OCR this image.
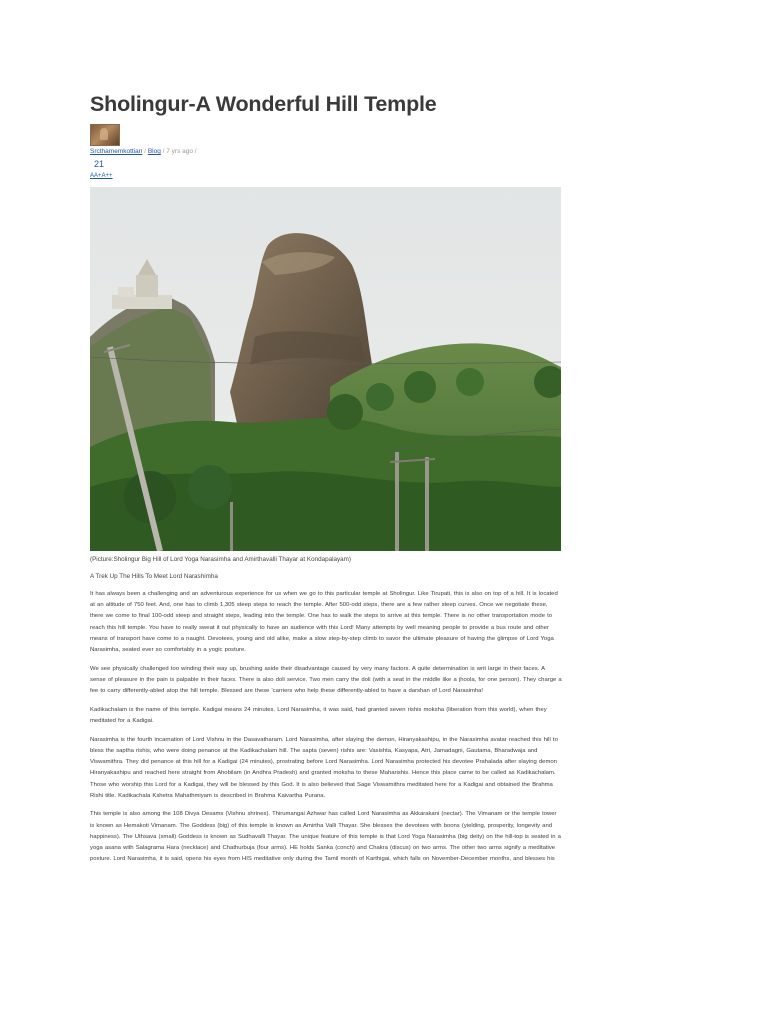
Sholingur-A Wonderful Hill Temple
Srcthamemkottian / Blog / 7 yrs ago /
21
AA+A++
(Picture:Sholingur Big Hill of Lord Yoga Narasimha and Amirthavalli Thayar at Kondapalayam)
A Trek Up The Hills To Meet Lord Narashimha

It has always been a challenging and an adventurous experience for us when we go to this particular temple at Sholingur. Like Tirupati, this is also on top of a hill. It is located at an altitude of 750 feet. And, one has to climb 1,305 steep steps to reach the temple. After 500-odd steps, there are a few rather steep curves. Once we negotiate these, there we come to final 100-odd steep and straight steps, leading into the temple. One has to walk the steps to arrive at this temple. There is no other transportation mode to reach this hill temple. You have to really sweat it out physically to have an audience with this Lord! Many attempts by well meaning people to provide a bus route and other means of transport have come to a naught. Devotees, young and old alike, make a slow step-by-step climb to savor the ultimate pleasure of having the glimpse of Lord Yoga Narasimha, seated ever so comfortably in a yogic posture.

We see physically challenged too winding their way up, brushing aside their disadvantage caused by very many factors. A quite determination is writ large in their faces. A sense of pleasure in the pain is palpable in their faces. There is also doli service. Two men carry the doli (with a seat in the middle like a jhoola, for one person). They charge a fee to carry differently-abled atop the hill temple. Blessed are these 'carriers who help these differently-abled to have a darshan of Lord Narasimha!

Kadikachalam is the name of this temple. Kadigai means 24 minutes. Lord Narasimha, it was said, had granted seven rishis moksha (liberation from this world), when they meditated for a Kadigai.

Narasimha is the fourth incarnation of Lord Vishnu in the Dasavatharam. Lord Narasimha, after slaying the demon, Hiranyakashipu, in the Narasimha avatar reached this hill to bless the saptha rishis, who were doing penance at the Kadikachalam hill. The sapta (seven) rishis are: Vasishta, Kasyapa, Atri, Jamadagni, Gautama, Bharadwaja and Viswamithra. They did penance at this hill for a Kadigai (24 minutes), prostrating before Lord Narasimha. Lord Narasimha protected his devotee Prahalada after slaying demon Hiranyakashipu and reached here straight from Ahobilam (in Andhra Pradesh) and granted moksha to these Maharishis. Hence this place came to be called as Kadikachalam. Those who worship this Lord for a Kadigai, they will be blessed by this God. It is also believed that Sage Viswamithra meditated here for a Kadigai and obtained the Brahma Rishi title. Kadikachala Kshetra Mahathmiyam is described in Brahma Kaivartha Purana.

This temple is also among the 108 Divya Desams (Vishnu shrines). Thirumangai Azhwar has called Lord Narasimha as Akkarakani (nectar). The Vimanam or the temple tower is known as Hemakoti Vimanam. The Goddess (big) of this temple is known as Amirtha Valli Thayar. She blesses the devotees with boons (yielding, prosperity, longevity and happiness). The Uthsava (small) Goddess is known as Sudhavalli Thayar. The unique feature of this temple is that Lord Yoga Narasimha (big deity) on the hill-top is seated in a yoga asana with Salagrama Hara (necklace) and Chathurbuja (four arms). HE holds Sanka (conch) and Chakra (discus) on two arms. The other two arms signify a meditative posture. Lord Narasimha, it is said, opens his eyes from HIS meditative only during the Tamil month of Karthigai, which falls on November-December months, and blesses his
